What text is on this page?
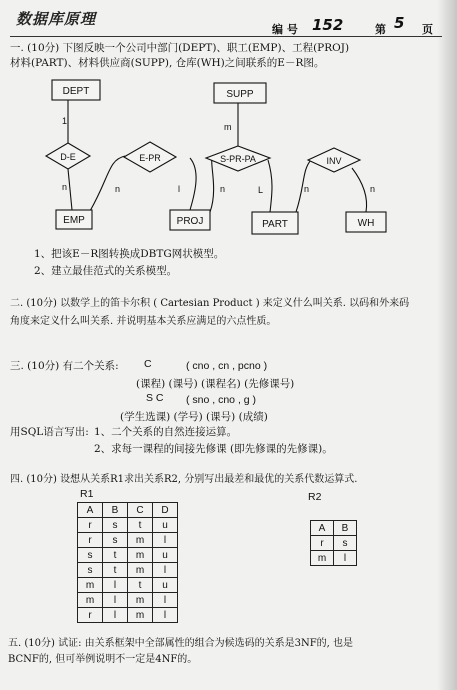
数据库原理
编 号 152	第 5 页
一. (10分) 下图反映一个公司中部门(DEPT)、职工(EMP)、工程(PROJ)
材料(PART)、材料供应商(SUPP), 仓库(WH)之间联系的E－R图。
DEPT	SUPP
EMP	PROJ	PART	WH
D-E	E-PR	S-PR-PA	INV
1
n
m
n	l	n	L	n	n
1、把该E－R图转换成DBTG网状模型。
2、建立最佳范式的关系模型。
二. (10分) 以数学上的笛卡尔积 ( Cartesian Product ) 来定义什么叫关系. 以码和外来码
角度来定义什么叫关系. 并说明基本关系应满足的六点性质。
三. (10分) 有二个关系: C	( cno , cn , pcno )
(课程) (课号) (课程名) (先修课号)
S C ( sno , cno , g )
(学生选课) (学号) (课号) (成绩)
用SQL语言写出: 1、二个关系的自然连接运算。
2、求每一课程的间接先修课 (即先修课的先修课)。
四. (10分) 设想从关系R1求出关系R2, 分别写出最差和最优的关系代数运算式.
R1	R2
A	B	C	D
r	s	t	u
r	s	m	l
s	t	m	u
s	t	m	l
m	l	t	u
m	l	m	l
r	l	m	l
A	B
r	s
m	l
五. (10分) 试证: 由关系框架中全部属性的组合为候选码的关系是3NF的, 也是
BCNF的, 但可举例说明不一定是4NF的。
